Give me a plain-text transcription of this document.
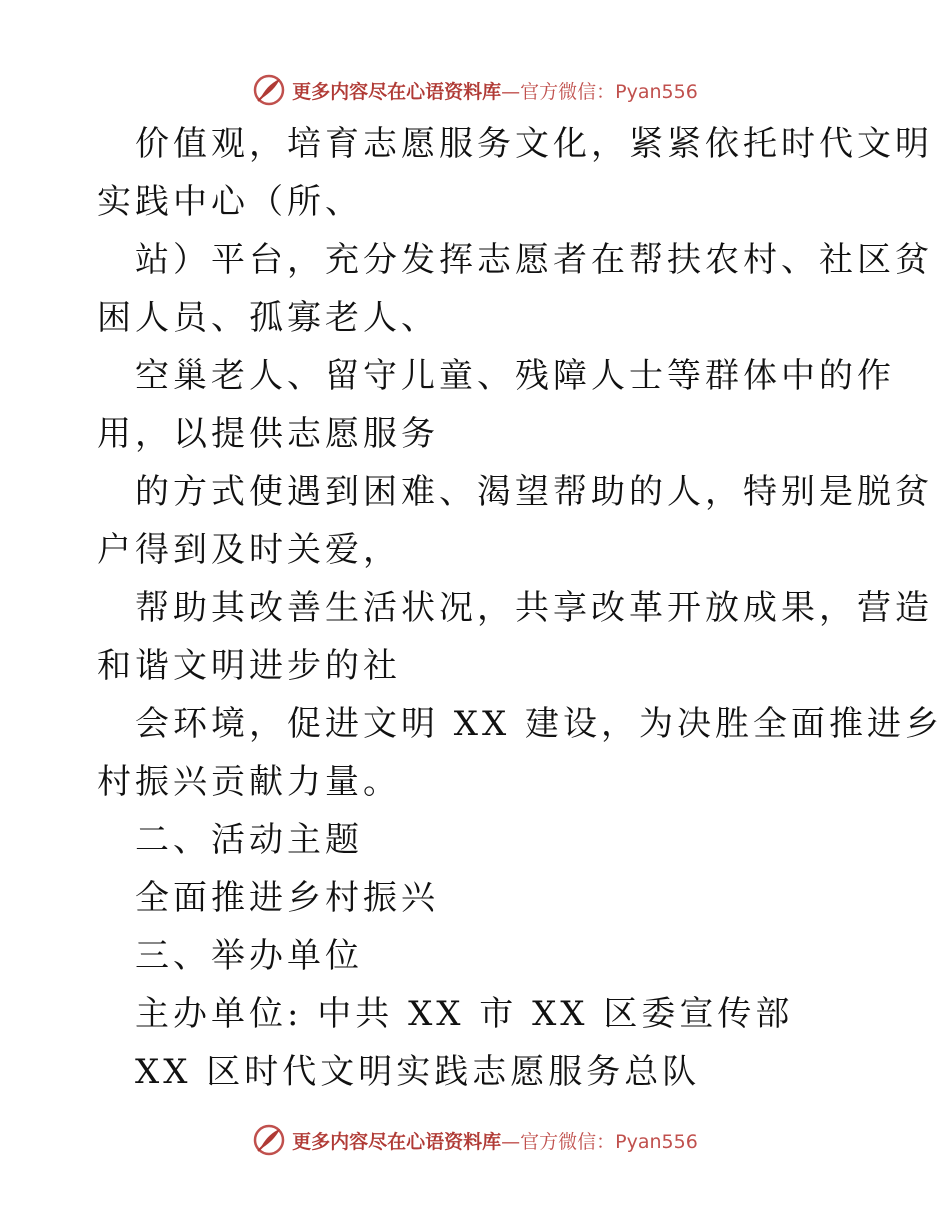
更多内容尽在心语资料库—官方微信：Pyan556
价值观，培育志愿服务文化，紧紧依托时代文明
实践中心（所、
站）平台，充分发挥志愿者在帮扶农村、社区贫
困人员、孤寡老人、
空巢老人、留守儿童、残障人士等群体中的作
用，以提供志愿服务
的方式使遇到困难、渴望帮助的人，特别是脱贫
户得到及时关爱，
帮助其改善生活状况，共享改革开放成果，营造
和谐文明进步的社
会环境，促进文明 XX 建设，为决胜全面推进乡
村振兴贡献力量。
二、活动主题
全面推进乡村振兴
三、举办单位
主办单位: 中共 XX 市 XX 区委宣传部
XX 区时代文明实践志愿服务总队
更多内容尽在心语资料库—官方微信：Pyan556
